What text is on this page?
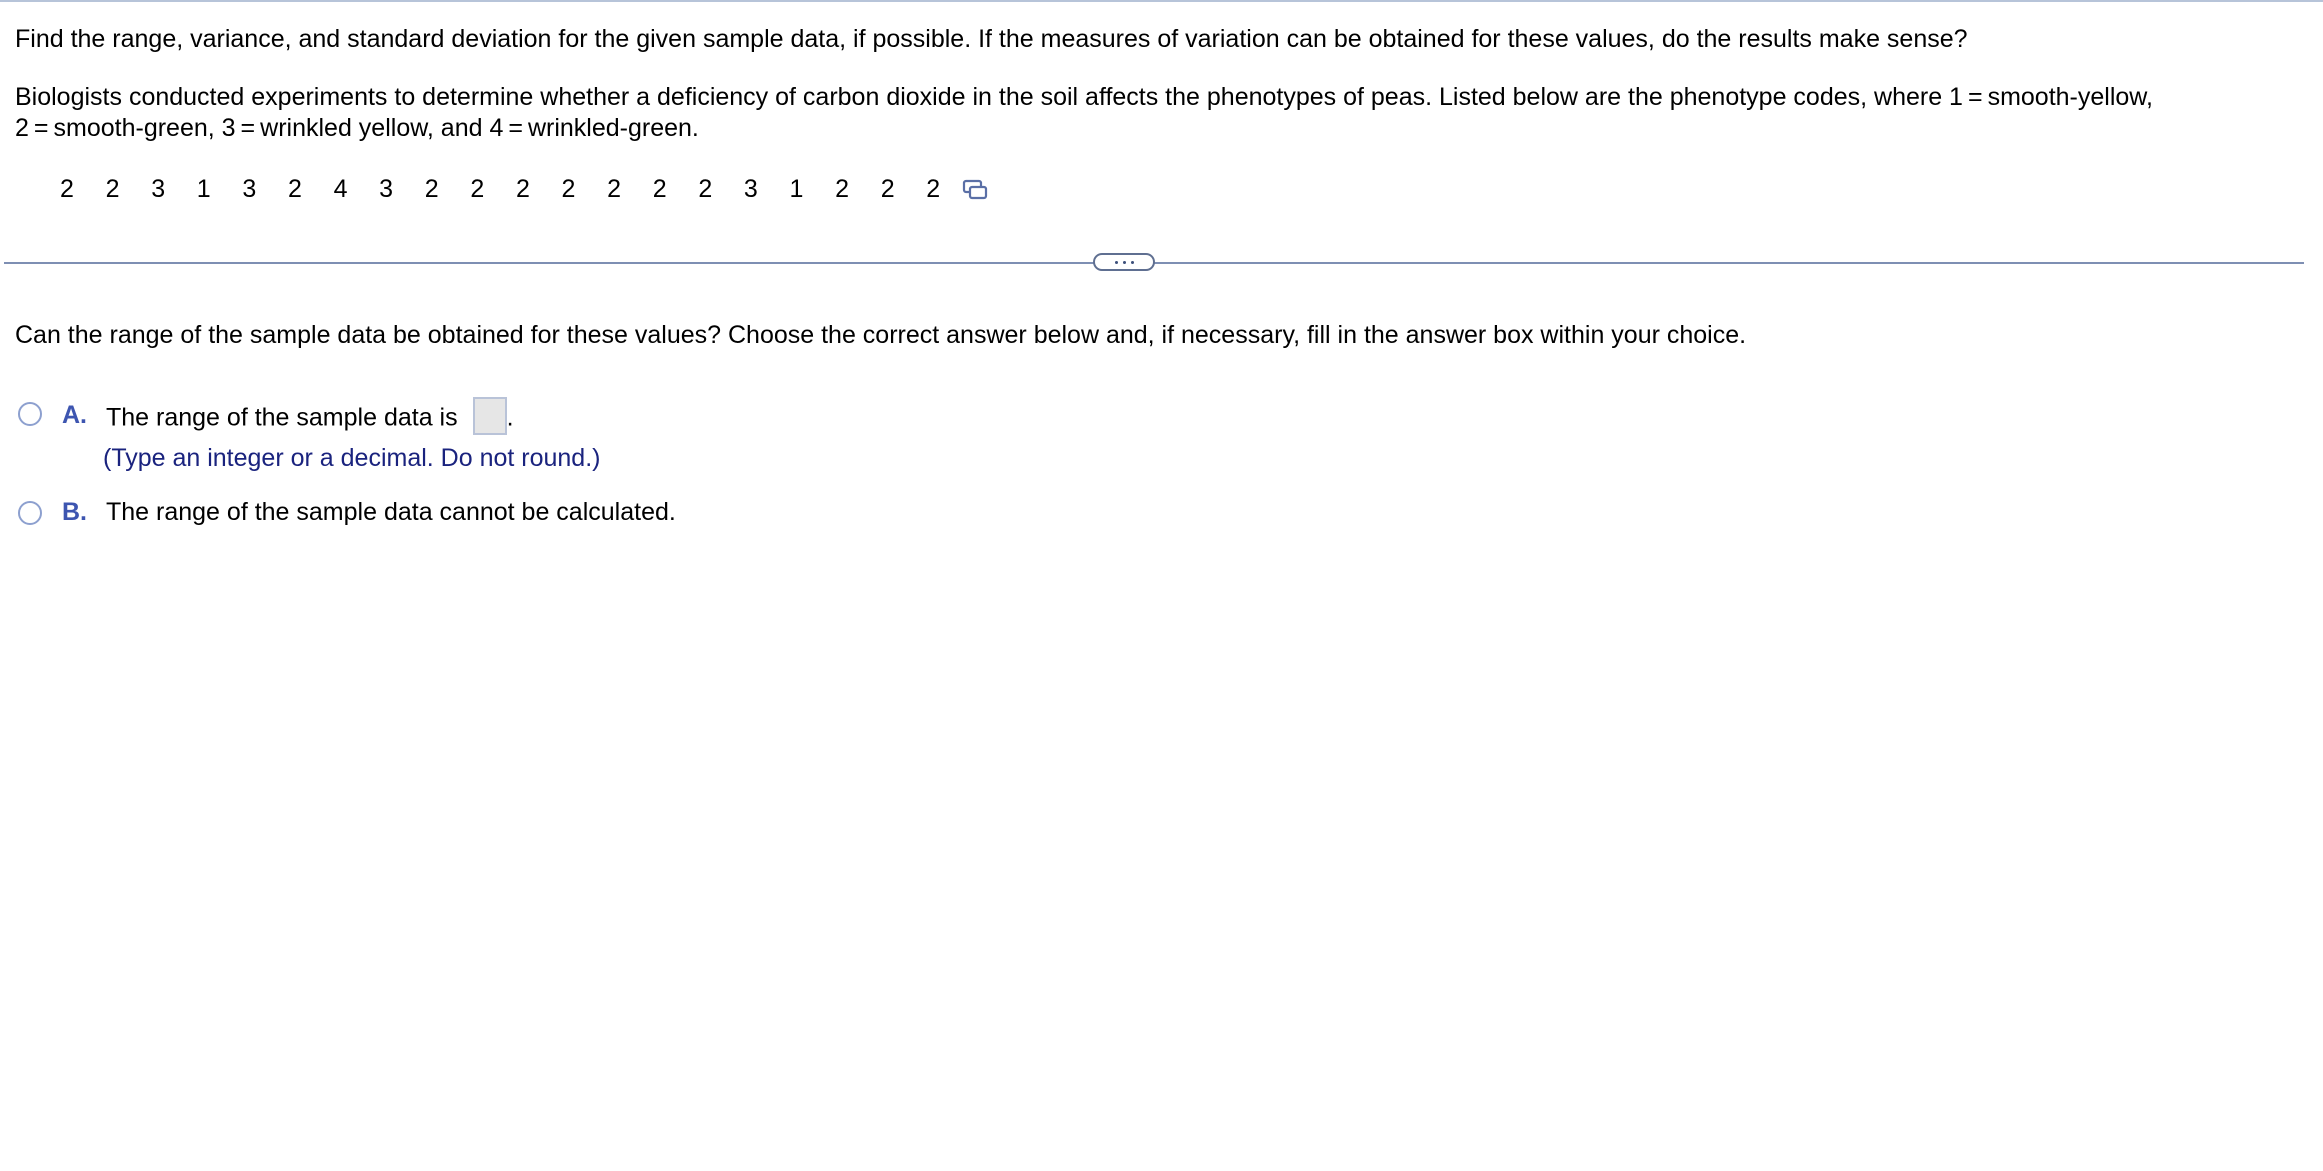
Find the range, variance, and standard deviation for the given sample data, if possible. If the measures of variation can be obtained for these values, do the results make sense?

Biologists conducted experiments to determine whether a deficiency of carbon dioxide in the soil affects the phenotypes of peas. Listed below are the phenotype codes, where 1 = smooth-yellow,
2 = smooth-green, 3 = wrinkled yellow, and 4 = wrinkled-green.
2	2	3	1	3	2	4	3	2	2	2	2	2	2	2	3	1	2	2	2

Can the range of the sample data be obtained for these values? Choose the correct answer below and, if necessary, fill in the answer box within your choice.

A. The range of the sample data is .
(Type an integer or a decimal. Do not round.)
B. The range of the sample data cannot be calculated.
